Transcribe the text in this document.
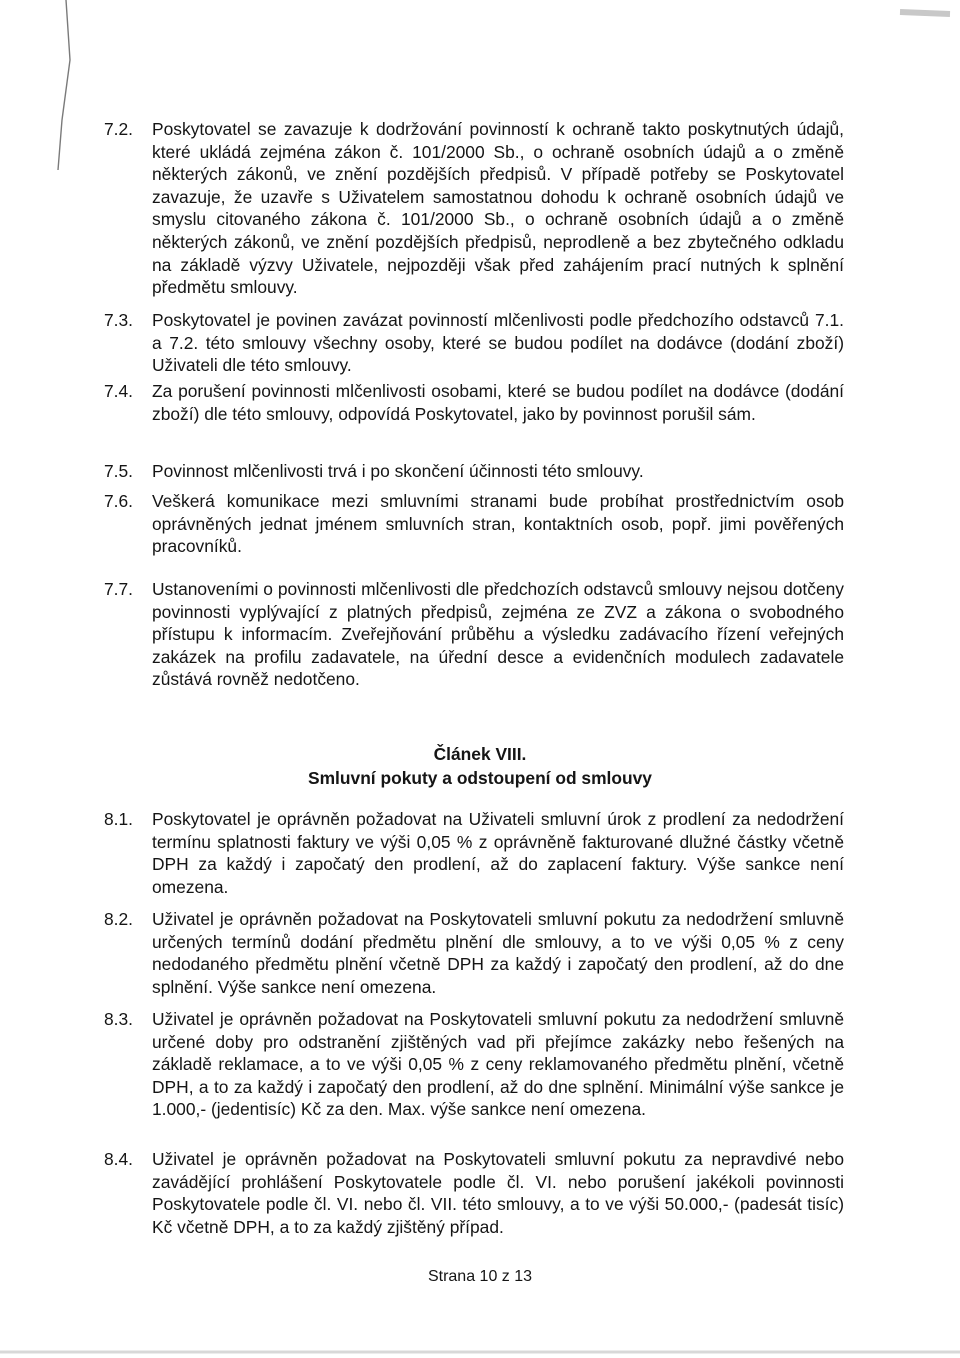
7.2.	Poskytovatel se zavazuje k dodržování povinností k ochraně takto poskytnutých údajů, které ukládá zejména zákon č. 101/2000 Sb., o ochraně osobních údajů a o změně některých zákonů, ve znění pozdějších předpisů. V případě potřeby se Poskytovatel zavazuje, že uzavře s Uživatelem samostatnou dohodu k ochraně osobních údajů ve smyslu citovaného zákona č. 101/2000 Sb., o ochraně osobních údajů a o změně některých zákonů, ve znění pozdějších předpisů, neprodleně a bez zbytečného odkladu na základě výzvy Uživatele, nejpozději však před zahájením prací nutných k splnění předmětu smlouvy.
7.3.	Poskytovatel je povinen zavázat povinností mlčenlivosti podle předchozího odstavců 7.1. a 7.2. této smlouvy všechny osoby, které se budou podílet na dodávce (dodání zboží) Uživateli dle této smlouvy.
7.4.	Za porušení povinnosti mlčenlivosti osobami, které se budou podílet na dodávce (dodání zboží) dle této smlouvy, odpovídá Poskytovatel, jako by povinnost porušil sám.
7.5.	Povinnost mlčenlivosti trvá i po skončení účinnosti této smlouvy.
7.6.	Veškerá komunikace mezi smluvními stranami bude probíhat prostřednictvím osob oprávněných jednat jménem smluvních stran, kontaktních osob, popř. jimi pověřených pracovníků.
7.7.	Ustanoveními o povinnosti mlčenlivosti dle předchozích odstavců smlouvy nejsou dotčeny povinnosti vyplývající z platných předpisů, zejména ze ZVZ a zákona o svobodného přístupu k informacím. Zveřejňování průběhu a výsledku zadávacího řízení veřejných zakázek na profilu zadavatele, na úřední desce a evidenčních modulech zadavatele zůstává rovněž nedotčeno.
Článek VIII.
Smluvní pokuty a odstoupení od smlouvy
8.1.	Poskytovatel je oprávněn požadovat na Uživateli smluvní úrok z prodlení za nedodržení termínu splatnosti faktury ve výši 0,05 % z oprávněně fakturované dlužné částky včetně DPH za každý i započatý den prodlení, až do zaplacení faktury. Výše sankce není omezena.
8.2.	Uživatel je oprávněn požadovat na Poskytovateli smluvní pokutu za nedodržení smluvně určených termínů dodání předmětu plnění dle smlouvy, a to ve výši 0,05 % z ceny nedodaného předmětu plnění včetně DPH za každý i započatý den prodlení, až do dne splnění. Výše sankce není omezena.
8.3.	Uživatel je oprávněn požadovat na Poskytovateli smluvní pokutu za nedodržení smluvně určené doby pro odstranění zjištěných vad při přejímce zakázky nebo řešených na základě reklamace, a to ve výši 0,05 % z ceny reklamovaného předmětu plnění, včetně DPH, a to za každý i započatý den prodlení, až do dne splnění. Minimální výše sankce je 1.000,- (jedentisíc) Kč za den. Max. výše sankce není omezena.
8.4.	Uživatel je oprávněn požadovat na Poskytovateli smluvní pokutu za nepravdivé nebo zavádějící prohlášení Poskytovatele podle čl. VI. nebo porušení jakékoli povinnosti Poskytovatele podle čl. VI. nebo čl. VII. této smlouvy, a to ve výši 50.000,- (padesát tisíc) Kč včetně DPH, a to za každý zjištěný případ.
Strana 10 z 13
